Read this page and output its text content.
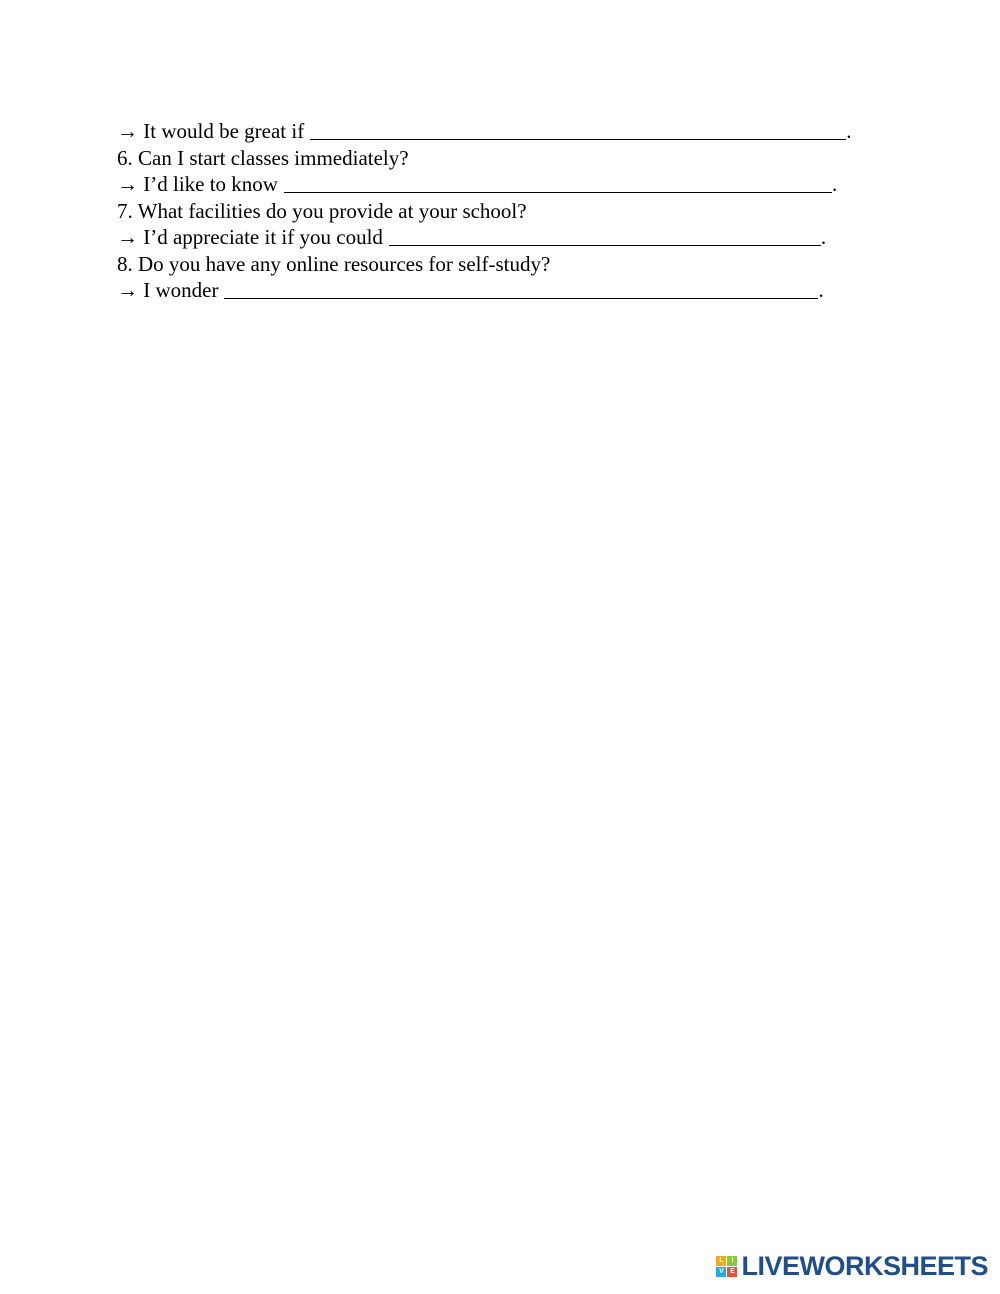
→ It would be great if	.

6. Can I start classes immediately?

→ I’d like to know	.

7. What facilities do you provide at your school?

→ I’d appreciate it if you could	.

8. Do you have any online resources for self-study?

→ I wonder	.

L	I
V E LIVEWORKSHEETS
